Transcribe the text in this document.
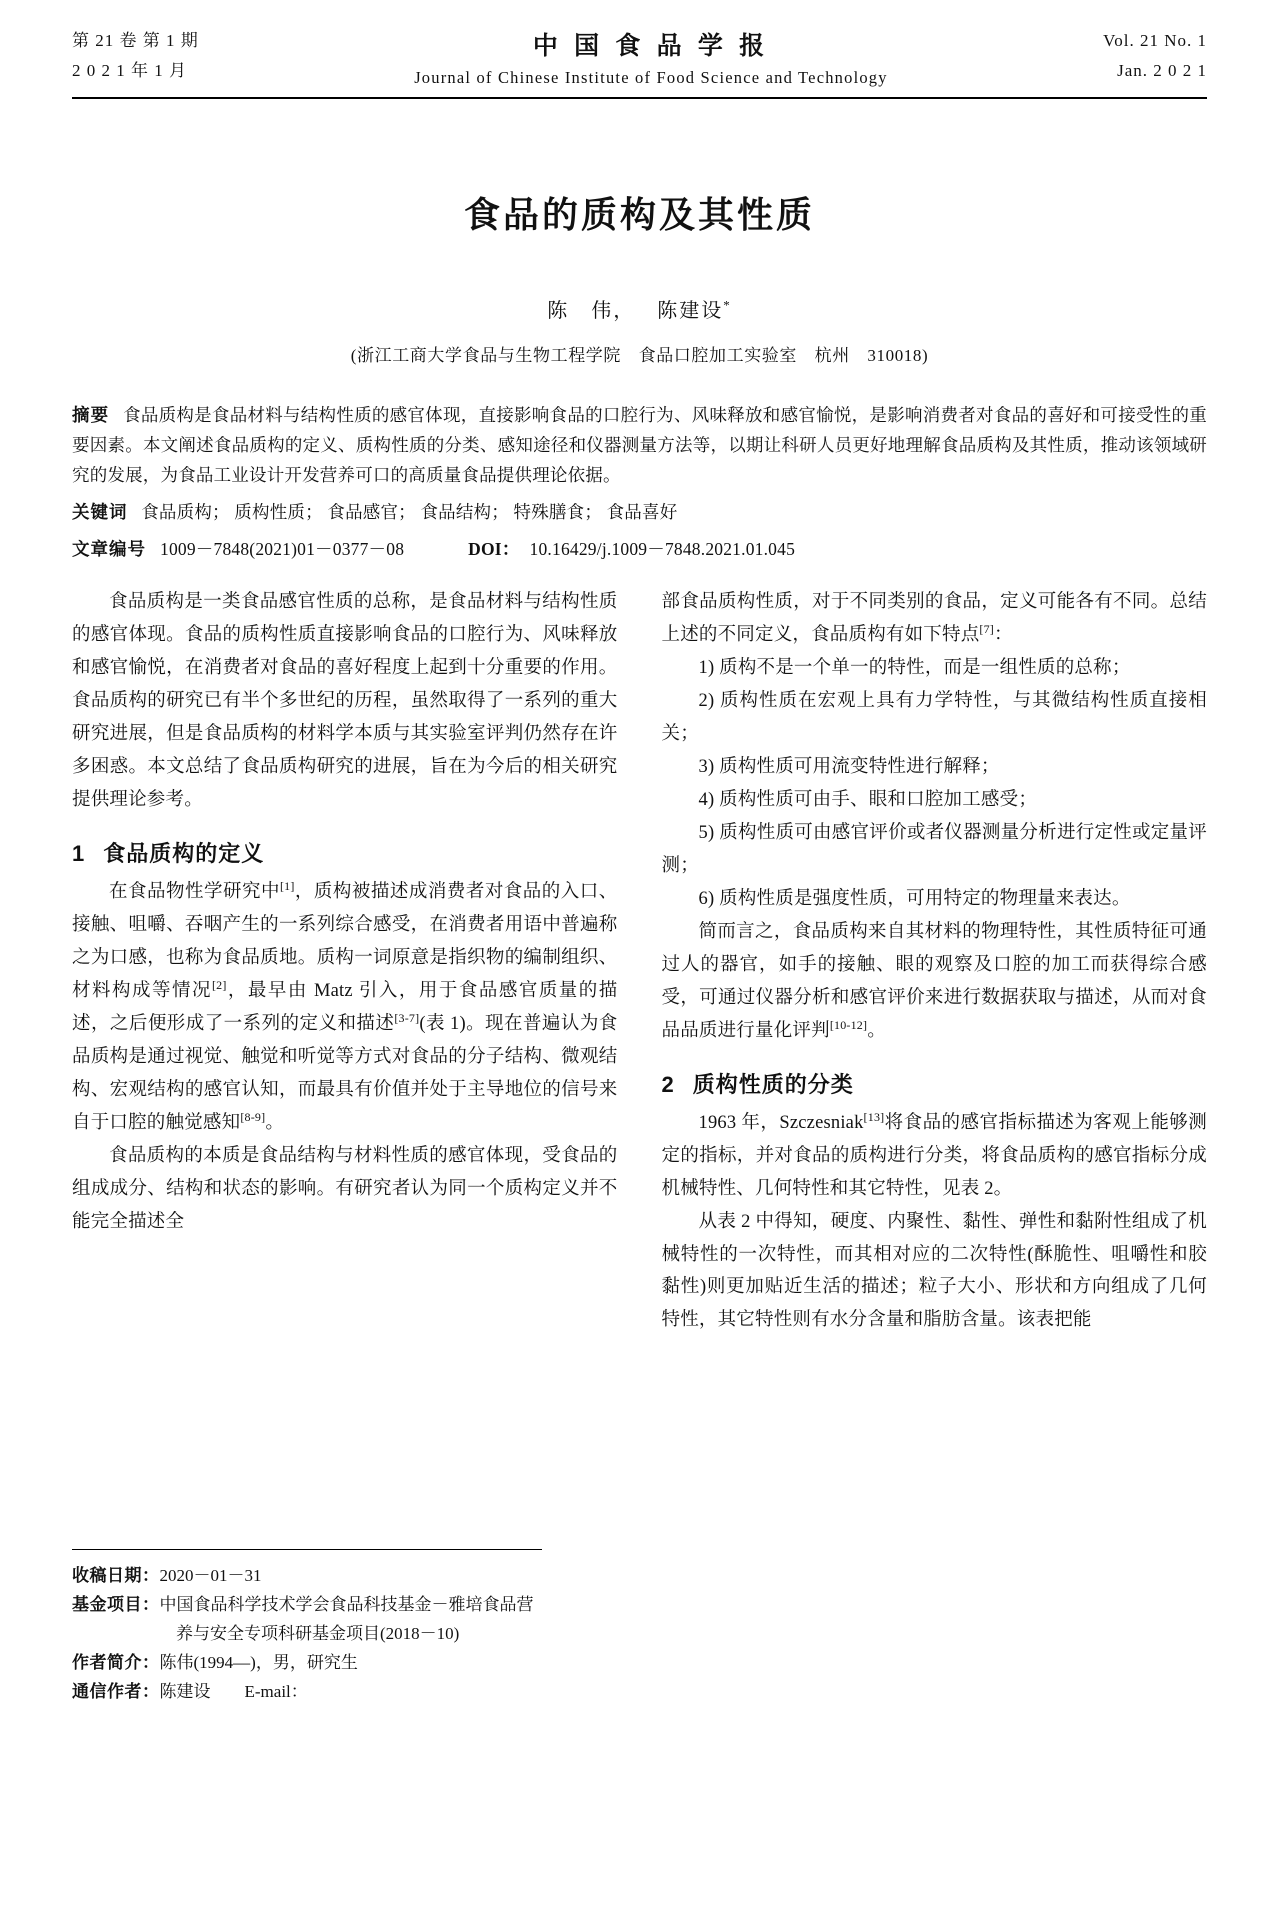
第 21 卷 第 1 期
2 0 2 1 年 1 月
中 国 食 品 学 报
Journal of Chinese Institute of Food Science and Technology
Vol. 21 No. 1
Jan. 2 0 2 1
食品的质构及其性质
陈　伟， 陈建设*
(浙江工商大学食品与生物工程学院　食品口腔加工实验室　杭州　310018)
摘要 食品质构是食品材料与结构性质的感官体现，直接影响食品的口腔行为、风味释放和感官愉悦，是影响消费者对食品的喜好和可接受性的重要因素。本文阐述食品质构的定义、质构性质的分类、感知途径和仪器测量方法等，以期让科研人员更好地理解食品质构及其性质，推动该领域研究的发展，为食品工业设计开发营养可口的高质量食品提供理论依据。
关键词 食品质构； 质构性质； 食品感官； 食品结构； 特殊膳食； 食品喜好
文章编号 1009－7848(2021)01－0377－08	DOI： 10.16429/j.1009－7848.2021.01.045

食品质构是一类食品感官性质的总称，是食品材料与结构性质的感官体现。食品的质构性质直接影响食品的口腔行为、风味释放和感官愉悦，在消费者对食品的喜好程度上起到十分重要的作用。食品质构的研究已有半个多世纪的历程，虽然取得了一系列的重大研究进展，但是食品质构的材料学本质与其实验室评判仍然存在许多困惑。本文总结了食品质构研究的进展，旨在为今后的相关研究提供理论参考。

1 食品质构的定义

在食品物性学研究中[1]，质构被描述成消费者对食品的入口、接触、咀嚼、吞咽产生的一系列综合感受，在消费者用语中普遍称之为口感，也称为食品质地。质构一词原意是指织物的编制组织、材料构成等情况[2]，最早由 Matz 引入，用于食品感官质量的描述，之后便形成了一系列的定义和描述[3-7](表 1)。现在普遍认为食品质构是通过视觉、触觉和听觉等方式对食品的分子结构、微观结构、宏观结构的感官认知，而最具有价值并处于主导地位的信号来自于口腔的触觉感知[8-9]。

食品质构的本质是食品结构与材料性质的感官体现，受食品的组成成分、结构和状态的影响。有研究者认为同一个质构定义并不能完全描述全

收稿日期： 2020－01－31
基金项目： 中国食品科学技术学会食品科技基金－雅培食品营
养与安全专项科研基金项目(2018－10)
作者简介： 陈伟(1994—)，男，研究生
通信作者： 陈建设　　E-mail：

部食品质构性质，对于不同类别的食品，定义可能各有不同。总结上述的不同定义，食品质构有如下特点[7]：

1) 质构不是一个单一的特性，而是一组性质的总称；

2) 质构性质在宏观上具有力学特性，与其微结构性质直接相关；

3) 质构性质可用流变特性进行解释；

4) 质构性质可由手、眼和口腔加工感受；

5) 质构性质可由感官评价或者仪器测量分析进行定性或定量评测；

6) 质构性质是强度性质，可用特定的物理量来表达。

简而言之，食品质构来自其材料的物理特性，其性质特征可通过人的器官，如手的接触、眼的观察及口腔的加工而获得综合感受，可通过仪器分析和感官评价来进行数据获取与描述，从而对食品品质进行量化评判[10-12]。

2 质构性质的分类

1963 年，Szczesniak[13]将食品的感官指标描述为客观上能够测定的指标，并对食品的质构进行分类，将食品质构的感官指标分成机械特性、几何特性和其它特性，见表 2。

从表 2 中得知，硬度、内聚性、黏性、弹性和黏附性组成了机械特性的一次特性，而其相对应的二次特性(酥脆性、咀嚼性和胶黏性)则更加贴近生活的描述；粒子大小、形状和方向组成了几何特性，其它特性则有水分含量和脂肪含量。该表把能
